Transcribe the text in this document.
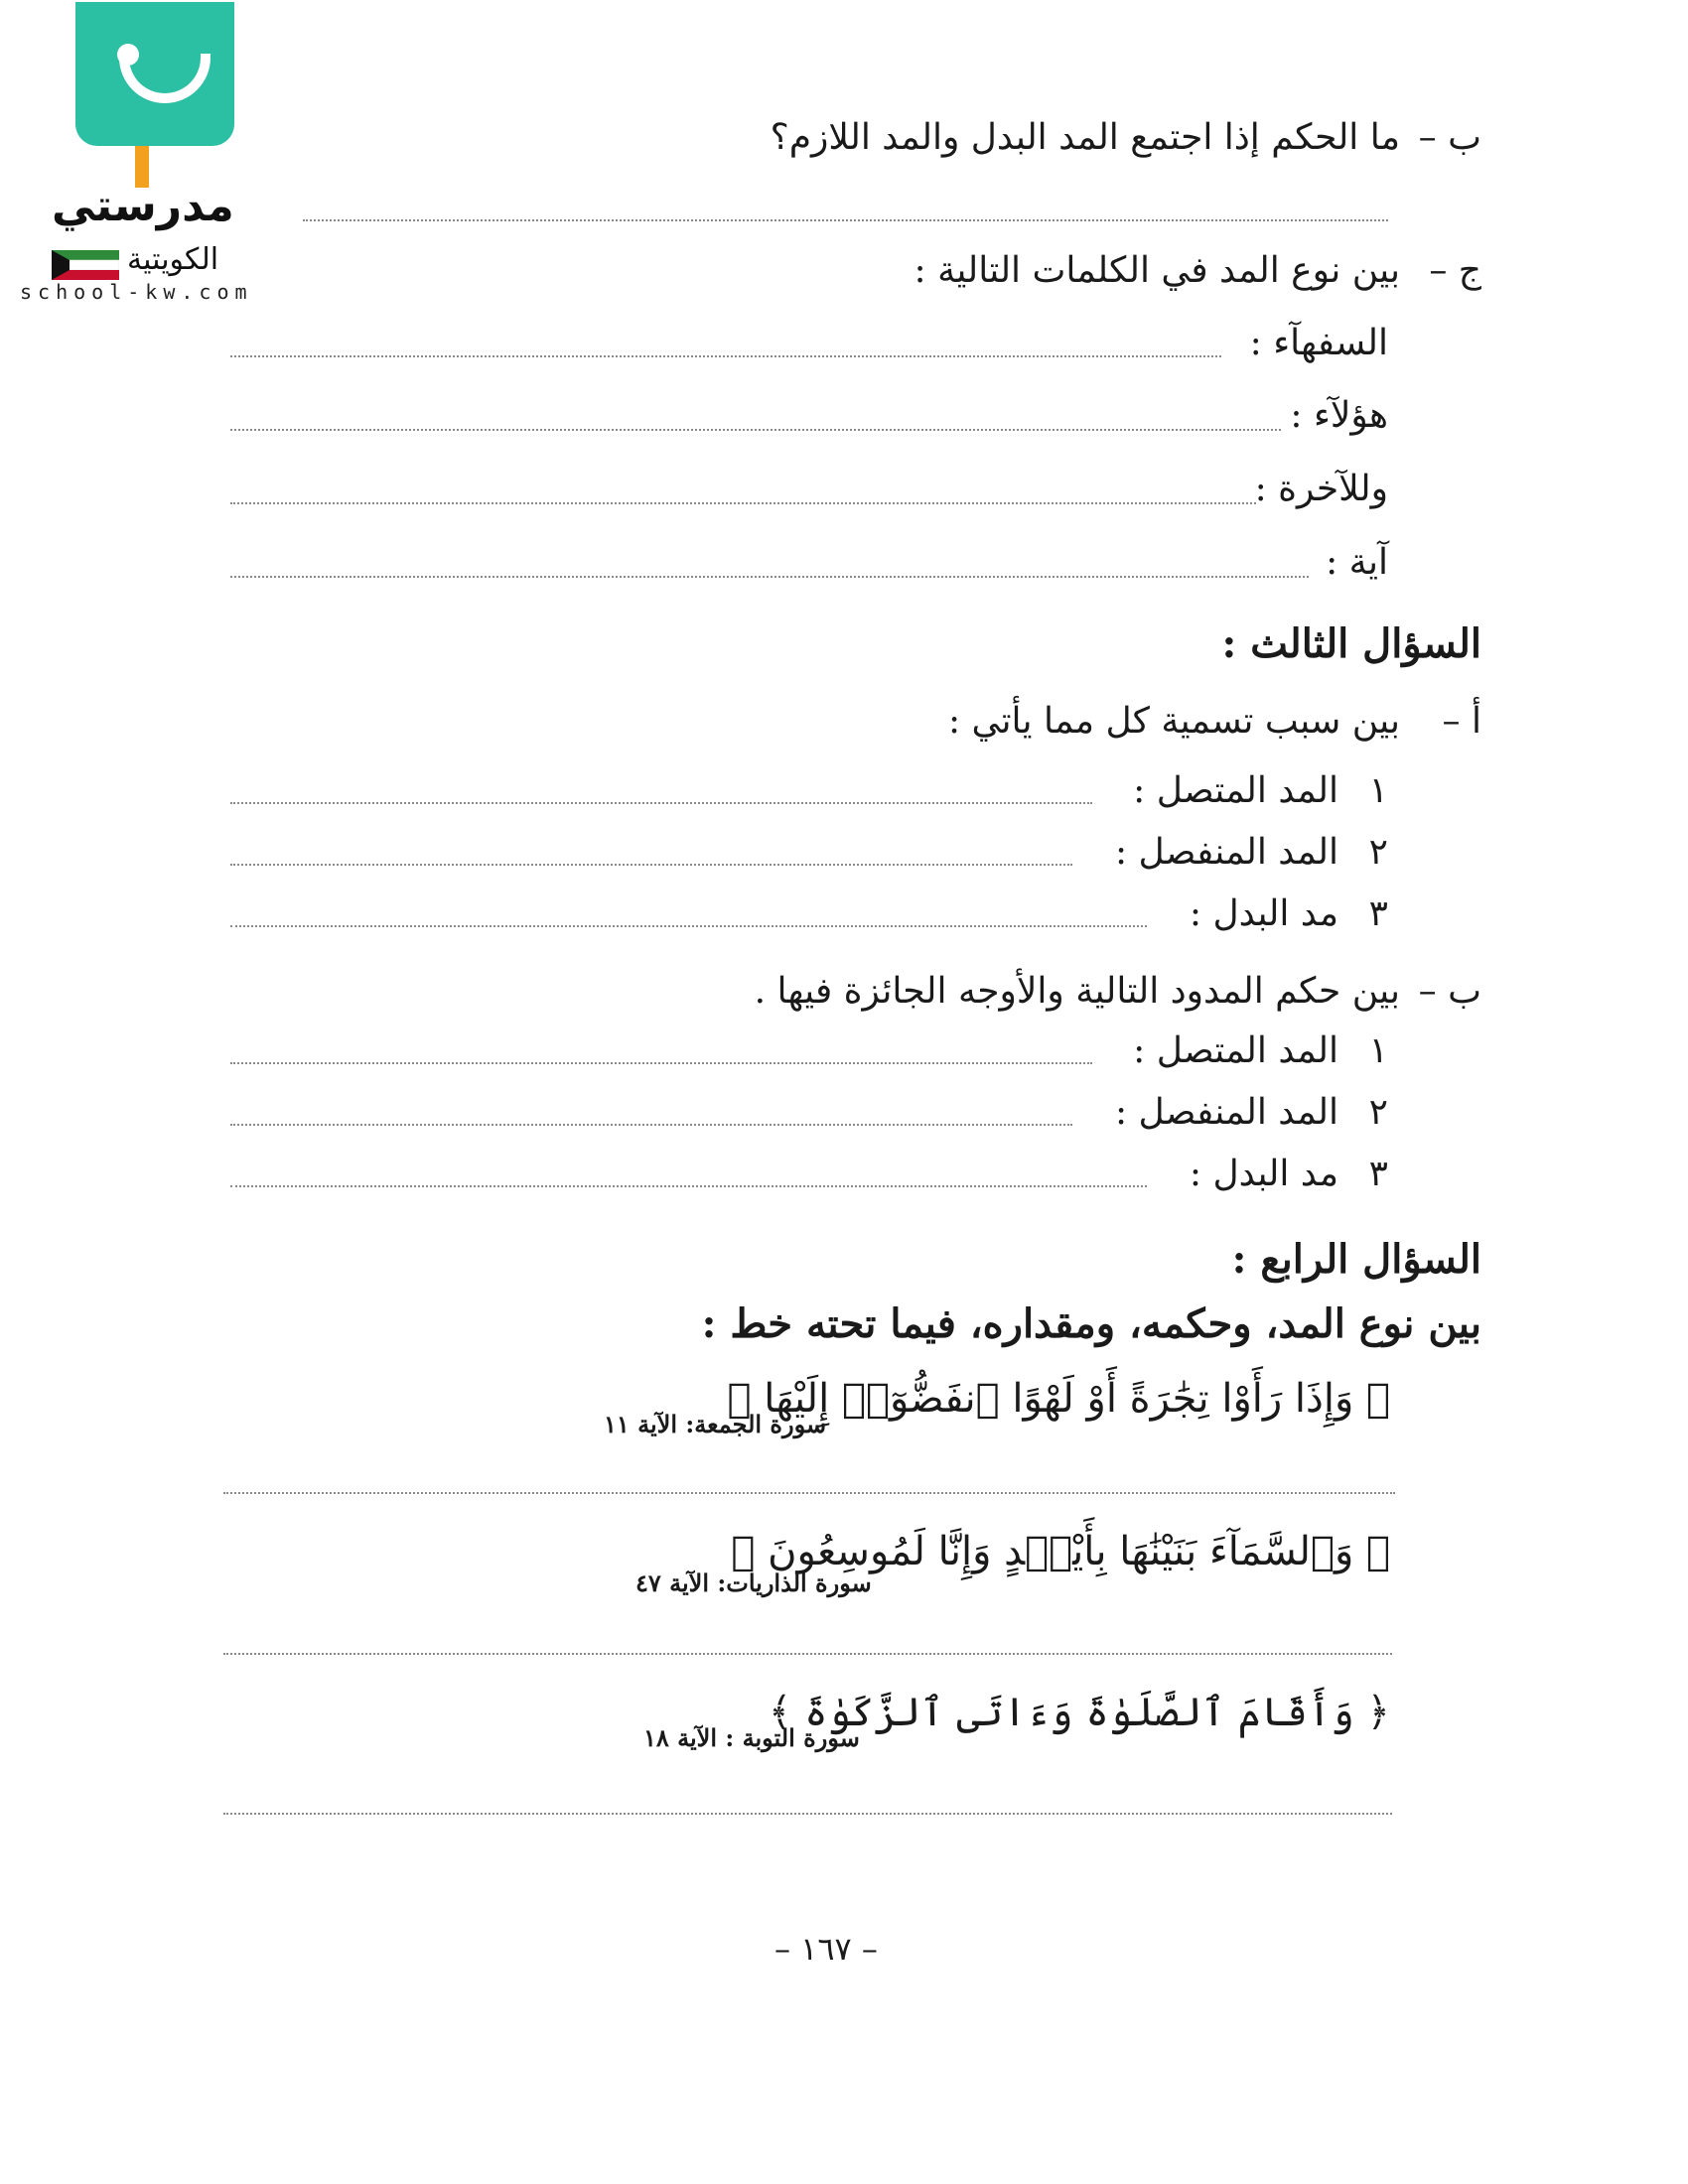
مدرستي
الكويتية
school-kw.com
ب –
ما الحكم إذا اجتمع المد البدل والمد اللازم؟
ج –
بين نوع المد في الكلمات التالية :
السفهآء :
هؤلآء :
وللآخرة :
آية :
السؤال الثالث :
أ –
بين سبب تسمية كل مما يأتي :
١
المد المتصل :
٢
المد المنفصل :
٣
مد البدل :
ب –
بين حكم المدود التالية والأوجه الجائزة فيها .
١
المد المتصل :
٢
المد المنفصل :
٣
مد البدل :
السؤال الرابع :
بين نوع المد، وحكمه، ومقداره، فيما تحته خط :
﴿ وَإِذَا رَأَوْا تِجَٰرَةً أَوْ لَهْوًا ٱنفَضُّوٓا۟ إِلَيْهَا ﴾
سورة الجمعة: الآية ١١
﴿ وَٱلسَّمَآءَ بَنَيْنَٰهَا بِأَيْي۟دٍ وَإِنَّا لَمُوسِعُونَ ﴾
سورة الذاريات: الآية ٤٧
﴿ وَأَقَامَ ٱلصَّلَوٰةَ وَءَاتَى ٱلزَّكَوٰةَ ﴾
سورة التوبة : الآية ١٨
– ١٦٧ –
